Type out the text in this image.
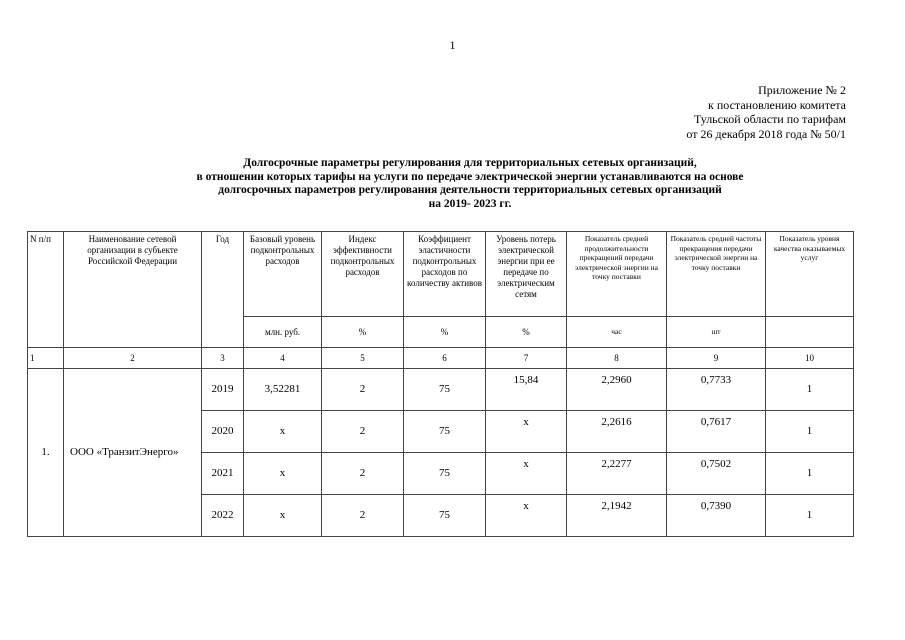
1
Приложение № 2
к постановлению комитета
Тульской области по тарифам
от 26 декабря 2018 года № 50/1
Долгосрочные параметры регулирования для территориальных сетевых организаций,
в отношении которых тарифы на услуги по передаче электрической энергии устанавливаются на основе
долгосрочных параметров регулирования деятельности территориальных сетевых организаций
на 2019- 2023 гг.
N п/п	Наименование сетевой организации в субъекте Российской Федерации	Год	Базовый уровень подконтрольных расходов	Индекс эффективности подконтрольных расходов	Коэффициент эластичности подконтрольных расходов по количеству активов	Уровень потерь электрической энергии при ее передаче по электрическим сетям	Показатель средней продолжительности прекращений передачи электрической энергии на точку поставки	Показатель средней частоты прекращения передачи электрической энергии на точку поставки	Показатель уровня качества оказываемых услуг
			млн. руб.	%	%	%	час	шт	
1	2	3	4	5	6	7	8	9	10
1.	ООО «ТранзитЭнерго»	2019	3,52281	2	75	15,84	2,2960	0,7733	1
		2020	x	2	75	x	2,2616	0,7617	1
		2021	x	2	75	x	2,2277	0,7502	1
		2022	x	2	75	x	2,1942	0,7390	1
